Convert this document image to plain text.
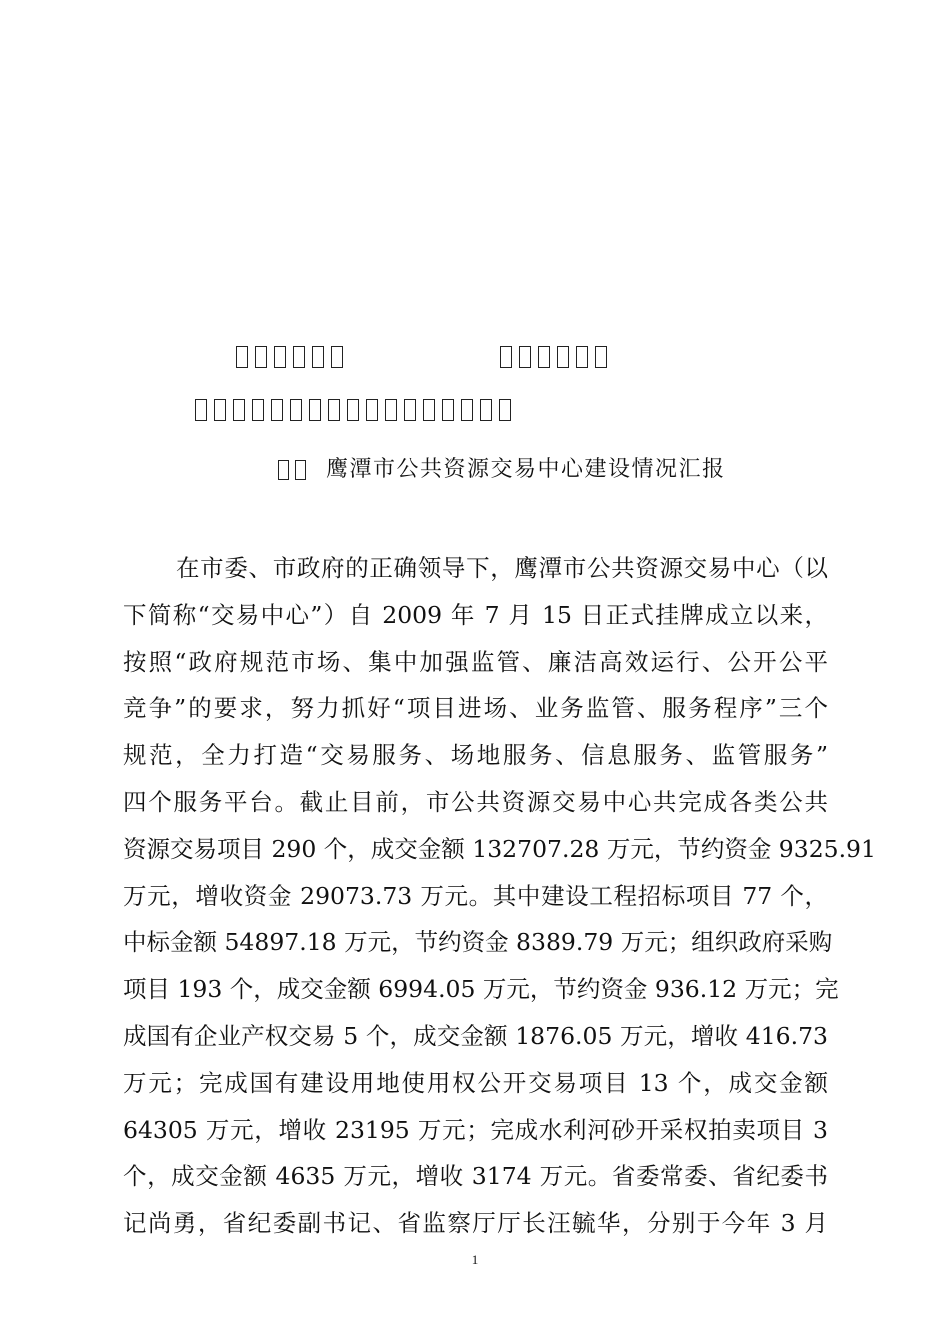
鹰潭市公共资源交易中心建设情况汇报
在市委、市政府的正确领导下，鹰潭市公共资源交易中心（以
下简称“交易中心”）自 2009 年 7 月 15 日正式挂牌成立以来，
按照“政府规范市场、集中加强监管、廉洁高效运行、公开公平
竞争”的要求，努力抓好“项目进场、业务监管、服务程序”三个
规范，全力打造“交易服务、场地服务、信息服务、监管服务”
四个服务平台。截止目前，市公共资源交易中心共完成各类公共
资源交易项目 290 个，成交金额 132707.28 万元，节约资金 9325.91
万元，增收资金 29073.73 万元。其中建设工程招标项目 77 个，
中标金额 54897.18 万元，节约资金 8389.79 万元；组织政府采购
项目 193 个，成交金额 6994.05 万元，节约资金 936.12 万元；完
成国有企业产权交易 5 个，成交金额 1876.05 万元，增收 416.73
万元；完成国有建设用地使用权公开交易项目 13 个，成交金额
64305 万元，增收 23195 万元；完成水利河砂开采权拍卖项目 3
个，成交金额 4635 万元，增收 3174 万元。省委常委、省纪委书
记尚勇，省纪委副书记、省监察厅厅长汪毓华，分别于今年 3 月
1
